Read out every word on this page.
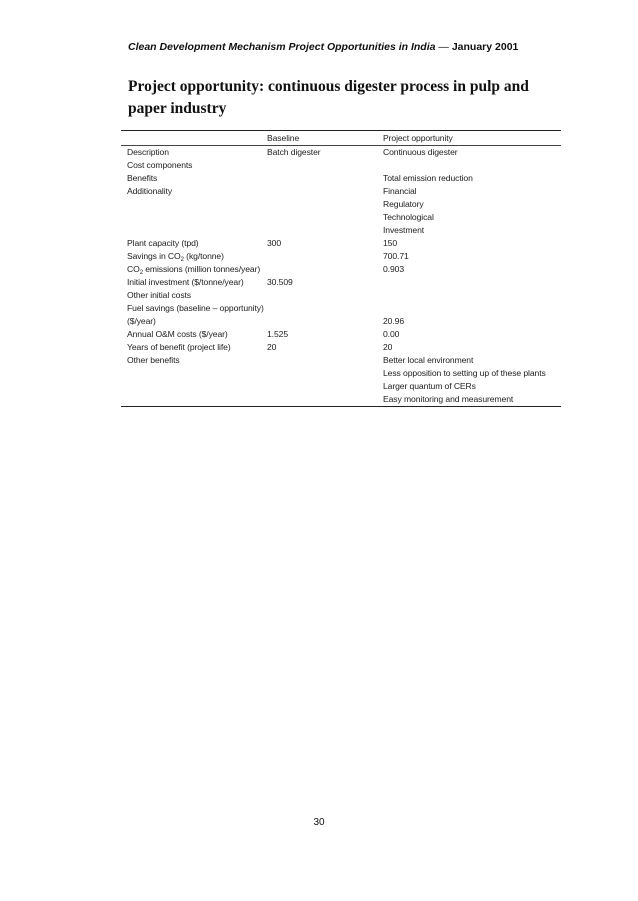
Clean Development Mechanism Project Opportunities in India — January 2001
Project opportunity: continuous digester process in pulp and paper industry
	Baseline	Project opportunity
Description	Batch digester	Continuous digester
Cost components		
Benefits		Total emission reduction
Additionality		Financial
		Regulatory
		Technological
		Investment
Plant capacity (tpd)	300	150
Savings in $CO_2$ (kg/tonne)		700.71
$CO_2$ emissions (million tonnes/year)		0.903
Initial investment ($/tonne/year)	30.509	
Other initial costs		
Fuel savings (baseline – opportunity)		
($/year)		20.96
Annual O&M costs ($/year)	1.525	0.00
Years of benefit (project life)	20	20
Other benefits		Better local environment
		Less opposition to setting up of these plants
		Larger quantum of CERs
		Easy monitoring and measurement
30
